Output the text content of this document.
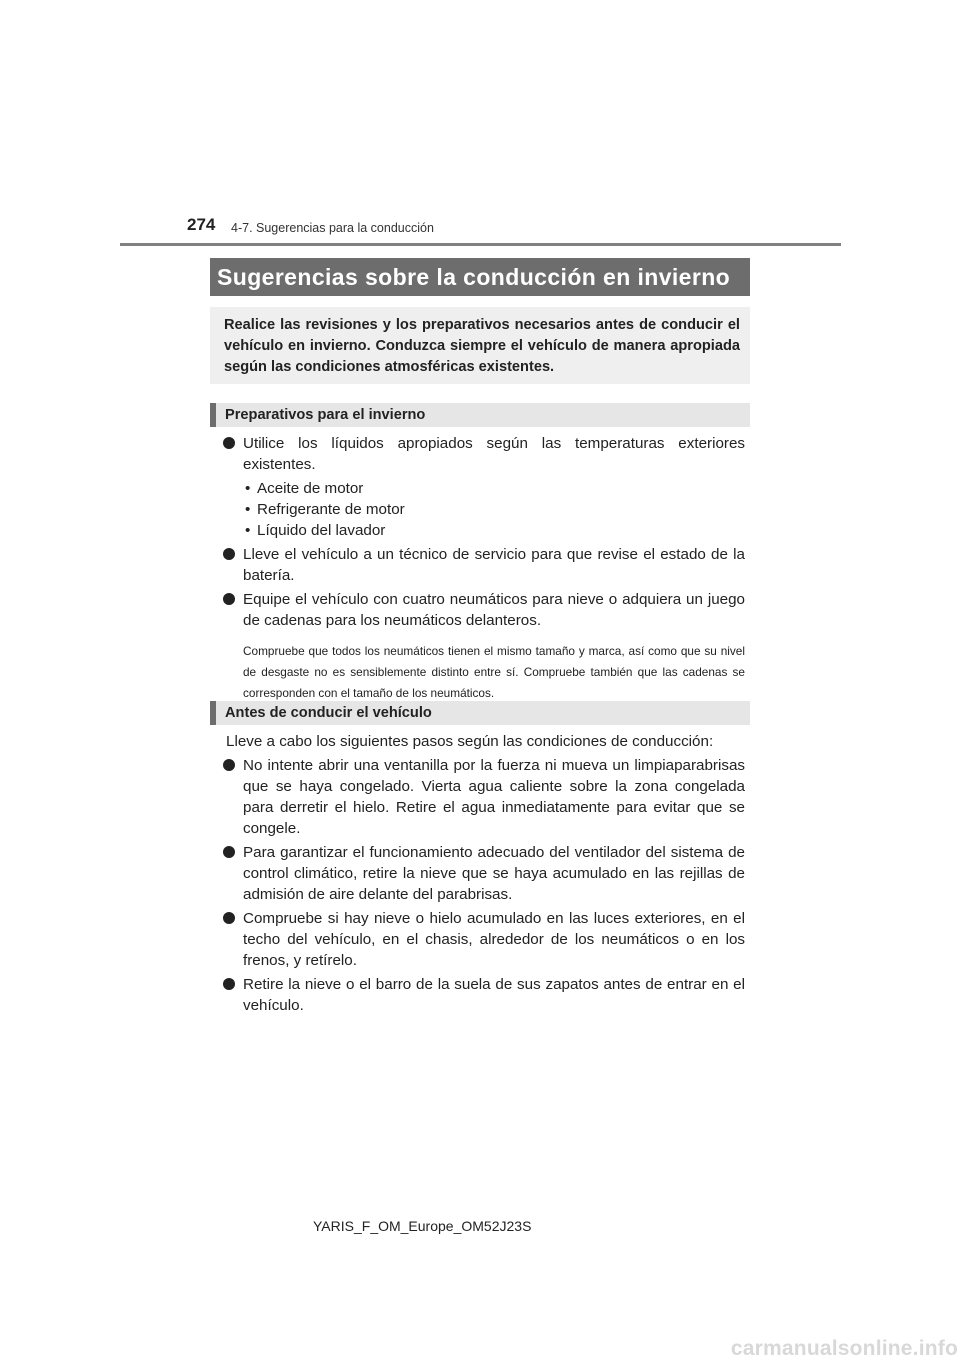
274 4-7. Sugerencias para la conducción
Sugerencias sobre la conducción en invierno
Realice las revisiones y los preparativos necesarios antes de conducir el vehículo en invierno. Conduzca siempre el vehículo de manera apropiada según las condiciones atmosféricas existentes.
Preparativos para el invierno
Utilice los líquidos apropiados según las temperaturas exteriores existentes.
• Aceite de motor
• Refrigerante de motor
• Líquido del lavador
Lleve el vehículo a un técnico de servicio para que revise el estado de la batería.
Equipe el vehículo con cuatro neumáticos para nieve o adquiera un juego de cadenas para los neumáticos delanteros.
Compruebe que todos los neumáticos tienen el mismo tamaño y marca, así como que su nivel de desgaste no es sensiblemente distinto entre sí. Compruebe también que las cadenas se corresponden con el tamaño de los neumáticos.
Antes de conducir el vehículo
Lleve a cabo los siguientes pasos según las condiciones de conducción:
No intente abrir una ventanilla por la fuerza ni mueva un limpiaparabrisas que se haya congelado. Vierta agua caliente sobre la zona congelada para derretir el hielo. Retire el agua inmediatamente para evitar que se congele.
Para garantizar el funcionamiento adecuado del ventilador del sistema de control climático, retire la nieve que se haya acumulado en las rejillas de admisión de aire delante del parabrisas.
Compruebe si hay nieve o hielo acumulado en las luces exteriores, en el techo del vehículo, en el chasis, alrededor de los neumáticos o en los frenos, y retírelo.
Retire la nieve o el barro de la suela de sus zapatos antes de entrar en el vehículo.
YARIS_F_OM_Europe_OM52J23S
carmanualsonline.info
